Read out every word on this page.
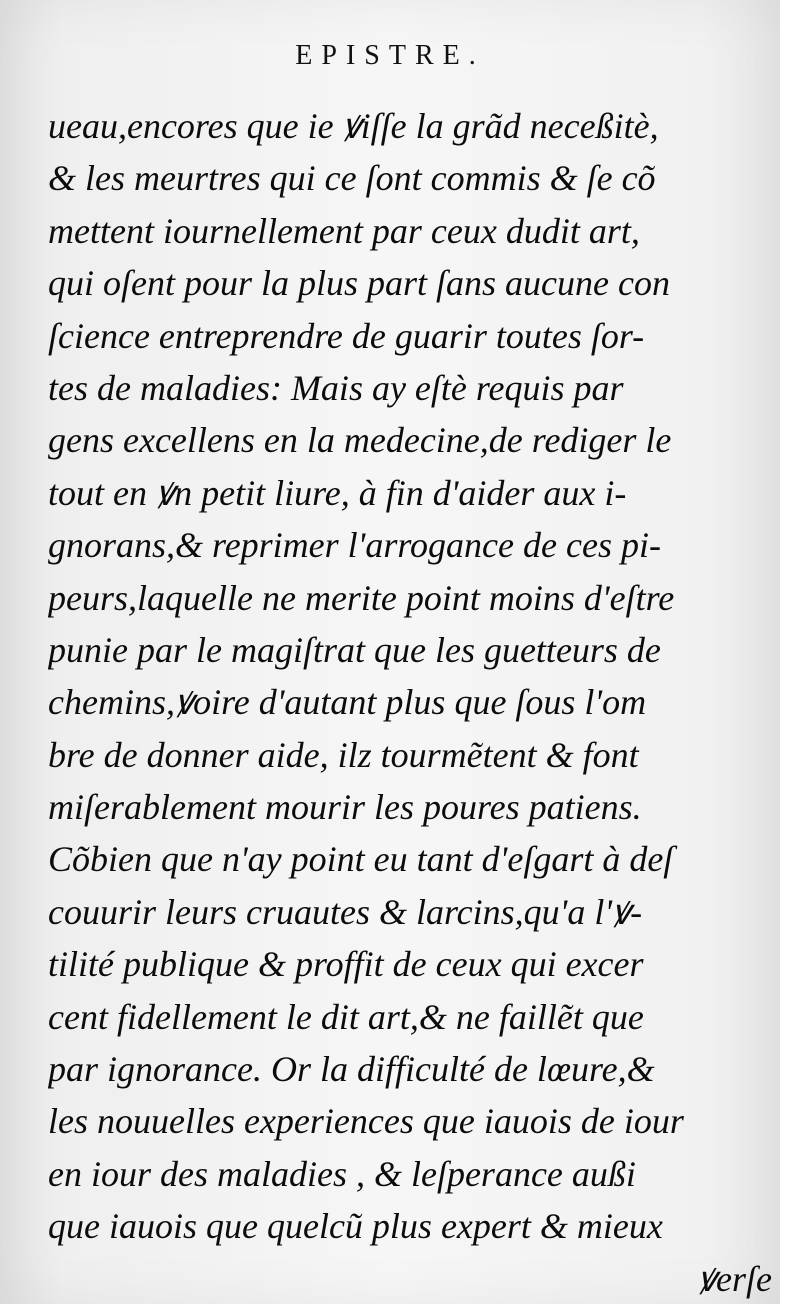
EPISTRE.
ueau,encores que ie ꝟiſſe la grãd neceßitè,
& les meurtres qui ce ſont commis & ſe cõ
mettent iournellement par ceux dudit art,
qui oſent pour la plus part ſans aucune con
ſcience entreprendre de guarir toutes ſor-
tes de maladies: Mais ay eſtè requis par
gens excellens en la medecine,de rediger le
tout en ꝟn petit liure, à fin d'aider aux i-
gnorans,& reprimer l'arrogance de ces pi-
peurs,laquelle ne merite point moins d'eſtre
punie par le magiſtrat que les guetteurs de
chemins,ꝟoire d'autant plus que ſous l'om
bre de donner aide, ilz tourmẽtent & font
miſerablement mourir les poures patiens.
Cõbien que n'ay point eu tant d'eſgart à deſ
couurir leurs cruautes & larcins,qu'a l'ꝟ-
tilité publique & proffit de ceux qui excer
cent fidellement le dit art,& ne faillẽt que
par ignorance. Or la difficulté de lœure,&
les nouuelles experiences que iauois de iour
en iour des maladies , & leſperance außi
que iauois que quelcũ plus expert & mieux
ꝟerſe
